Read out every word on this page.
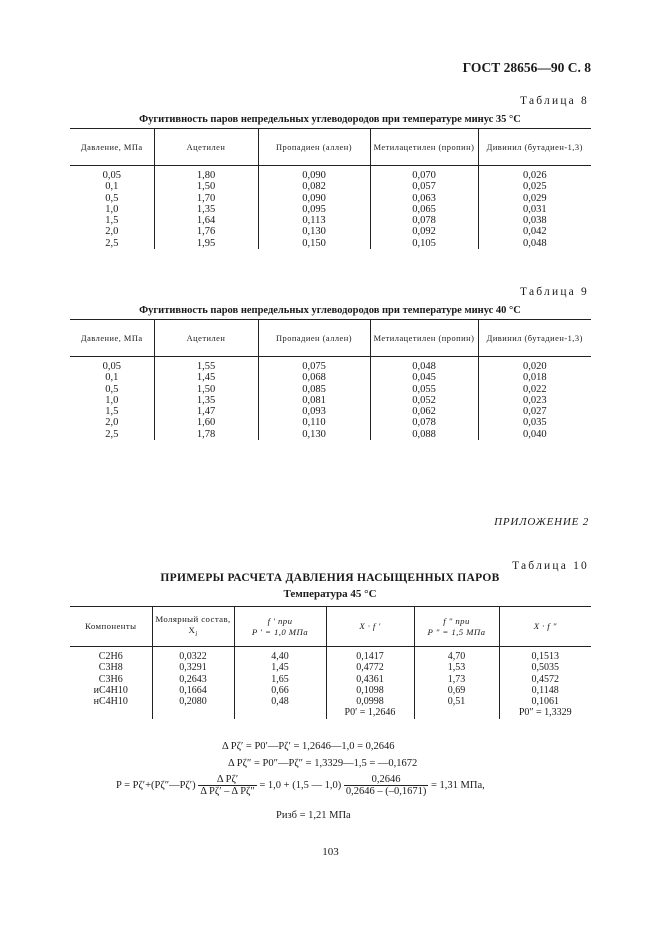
ГОСТ 28656—90 С. 8
Таблица 8
Фугитивность паров непредельных углеводородов при температуре минус 35 °С
Давление, МПа	Ацетилен	Пропадиен (аллен)	Метилацетилен (пропин)	Дивинил (бутадиен-1,3)
0,05	1,80	0,090	0,070	0,026
0,1	1,50	0,082	0,057	0,025
0,5	1,70	0,090	0,063	0,029
1,0	1,35	0,095	0,065	0,031
1,5	1,64	0,113	0,078	0,038
2,0	1,76	0,130	0,092	0,042
2,5	1,95	0,150	0,105	0,048
Таблица 9
Фугитивность паров непредельных углеводородов при температуре минус 40 °С
Давление, МПа	Ацетилен	Пропадиен (аллен)	Метилацетилен (пропин)	Дивинил (бутадиен-1,3)
0,05	1,55	0,075	0,048	0,020
0,1	1,45	0,068	0,045	0,018
0,5	1,50	0,085	0,055	0,022
1,0	1,35	0,081	0,052	0,023
1,5	1,47	0,093	0,062	0,027
2,0	1,60	0,110	0,078	0,035
2,5	1,78	0,130	0,088	0,040
ПРИЛОЖЕНИЕ 2
Таблица 10
ПРИМЕРЫ РАСЧЕТА ДАВЛЕНИЯ НАСЫЩЕННЫХ ПАРОВ
Температура 45 °С
Компоненты	Молярный состав, $X_i$	f ′ при
P ′ = 1,0 МПа	X · f ′	f ″ при
P ″ = 1,5 МПа	X · f ″
C2H6	0,0322	4,40	0,1417	4,70	0,1513
C3H8	0,3291	1,45	0,4772	1,53	0,5035
C3H6	0,2643	1,65	0,4361	1,73	0,4572
иC4H10	0,1664	0,66	0,1098	0,69	0,1148
нC4H10	0,2080	0,48	0,0998	0,51	0,1061
			P0′ = 1,2646		P0″ = 1,3329
Δ Pζ′ = P0′—Pζ′ = 1,2646—1,0 = 0,2646
Δ Pζ″ = P0″—Pζ″ = 1,3329—1,5 = —0,1672
P = Pζ′+(Pζ″—Pζ′) $\frac{\text{Δ Pζ′}}{\text{Δ Pζ′ – Δ Pζ″}} = 1,0 + (1,5$ — $1,0) \frac{0,2646}{0,2646 - (-0,1671)} = 1,31$ МПа,
Pизб = 1,21 МПа
103
